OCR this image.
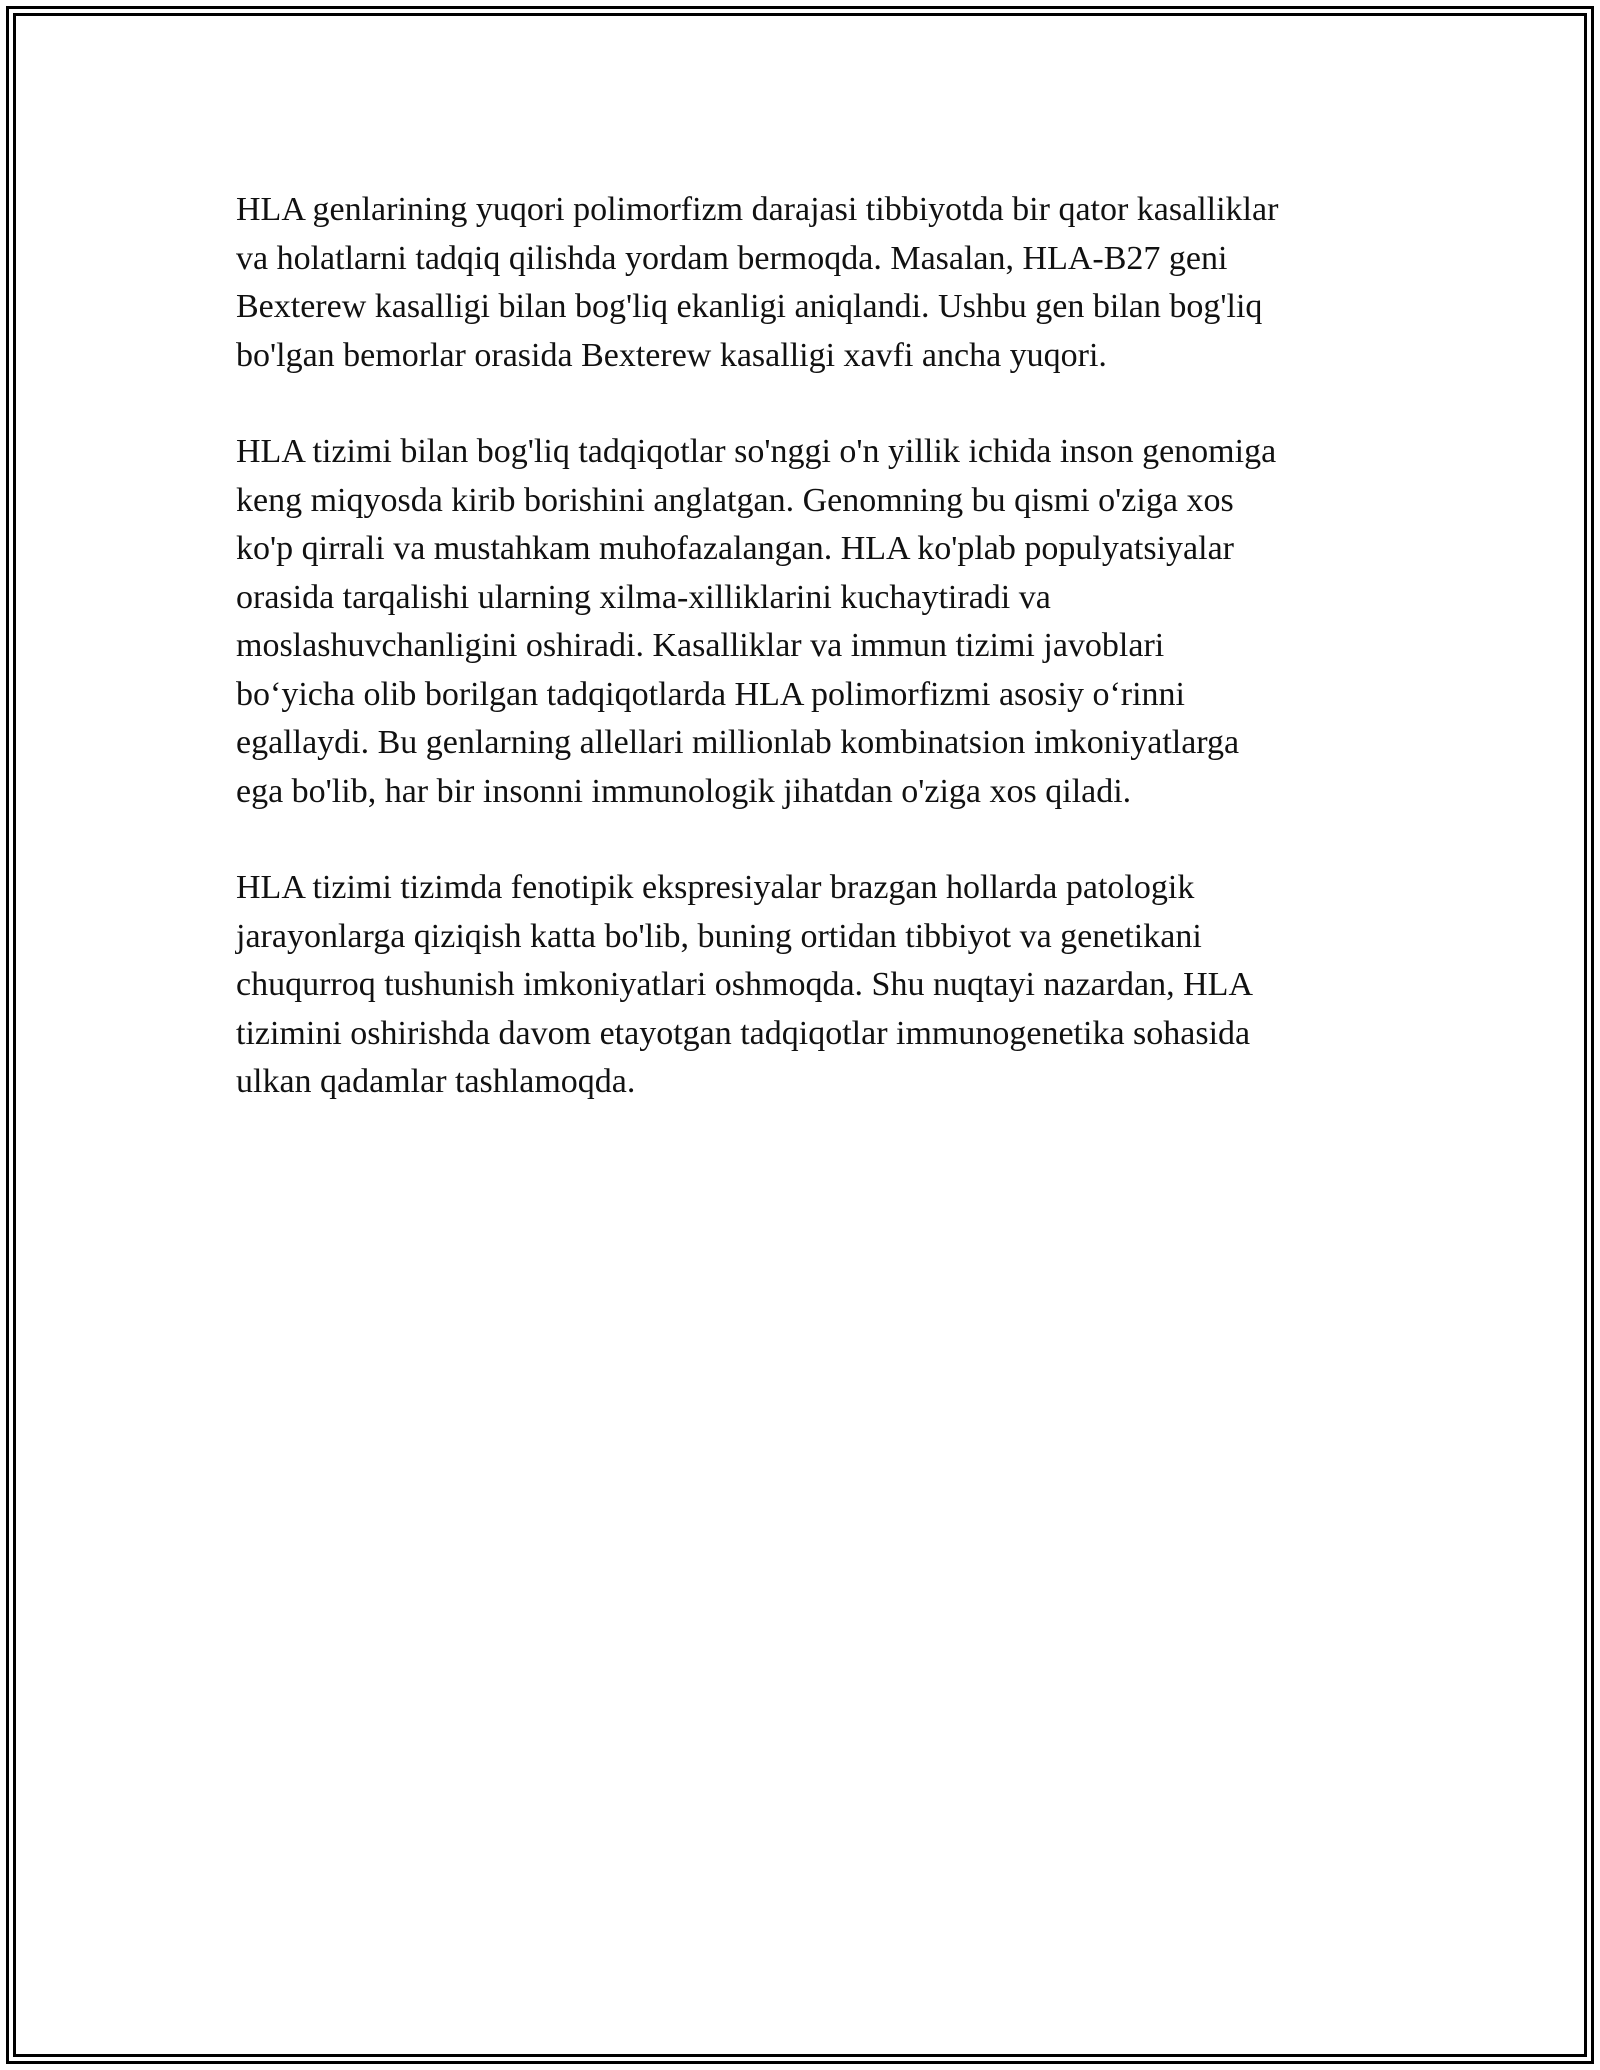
HLA genlarining yuqori polimorfizm darajasi tibbiyotda bir qator kasalliklar
va holatlarni tadqiq qilishda yordam bermoqda. Masalan, HLA-B27 geni
Bexterew kasalligi bilan bog'liq ekanligi aniqlandi. Ushbu gen bilan bog'liq
bo'lgan bemorlar orasida Bexterew kasalligi xavfi ancha yuqori.

HLA tizimi bilan bog'liq tadqiqotlar so'nggi o'n yillik ichida inson genomiga
keng miqyosda kirib borishini anglatgan. Genomning bu qismi o'ziga xos
ko'p qirrali va mustahkam muhofazalangan. HLA ko'plab populyatsiyalar
orasida tarqalishi ularning xilma-xilliklarini kuchaytiradi va
moslashuvchanligini oshiradi. Kasalliklar va immun tizimi javoblari
bo‘yicha olib borilgan tadqiqotlarda HLA polimorfizmi asosiy o‘rinni
egallaydi. Bu genlarning allellari millionlab kombinatsion imkoniyatlarga
ega bo'lib, har bir insonni immunologik jihatdan o'ziga xos qiladi.

HLA tizimi tizimda fenotipik ekspresiyalar brazgan hollarda patologik
jarayonlarga qiziqish katta bo'lib, buning ortidan tibbiyot va genetikani
chuqurroq tushunish imkoniyatlari oshmoqda. Shu nuqtayi nazardan, HLA
tizimini oshirishda davom etayotgan tadqiqotlar immunogenetika sohasida
ulkan qadamlar tashlamoqda.
